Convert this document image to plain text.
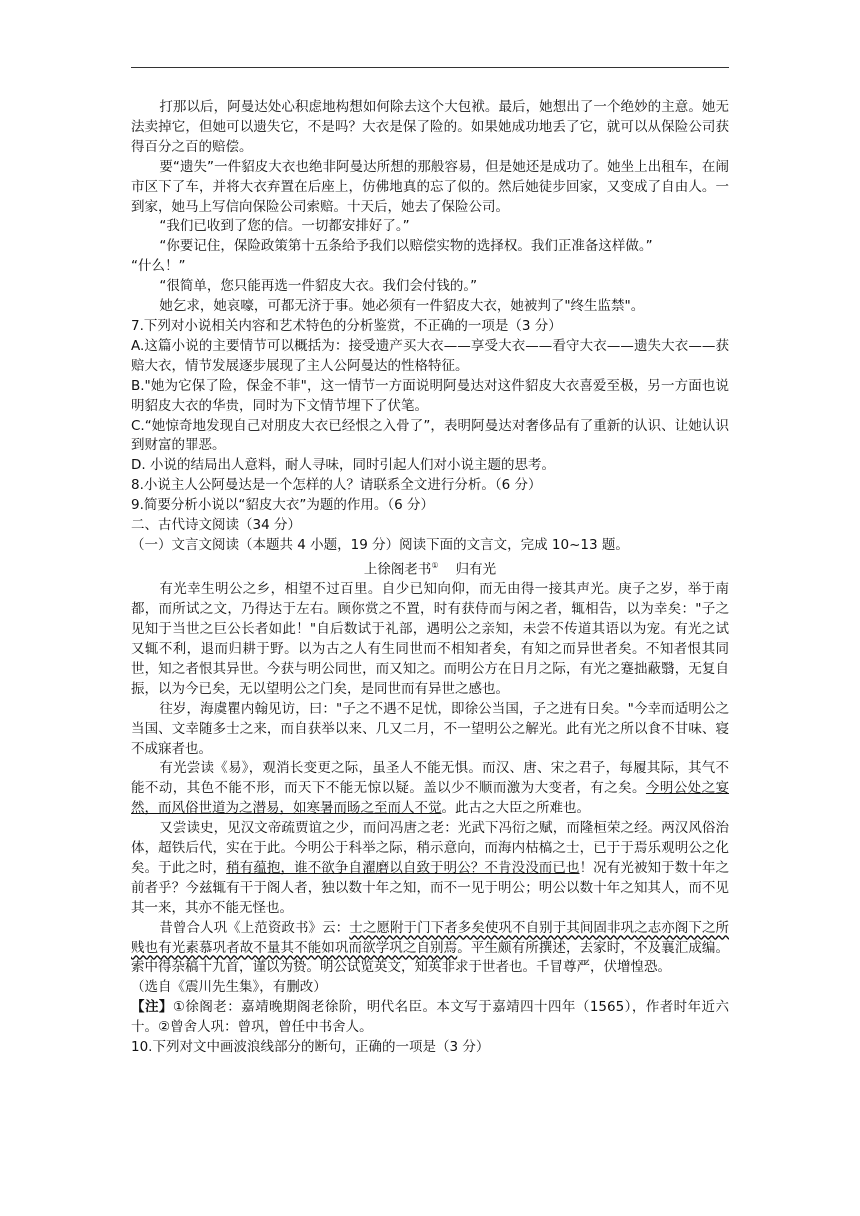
打那以后，阿曼达处心积虑地构想如何除去这个大包袱。最后，她想出了一个绝妙的主意。她无法卖掉它，但她可以遗失它，不是吗？大衣是保了险的。如果她成功地丢了它，就可以从保险公司获得百分之百的赔偿。

要“遗失”一件貂皮大衣也绝非阿曼达所想的那般容易，但是她还是成功了。她坐上出租车，在闹市区下了车，并将大衣弃置在后座上，仿佛地真的忘了似的。然后她徒步回家，又变成了自由人。一到家，她马上写信向保险公司索赔。十天后，她去了保险公司。

“我们已收到了您的信。一切都安排好了。”

“你要记住，保险政策第十五条给予我们以赔偿实物的选择权。我们正准备这样做。”

“什么！”

“很简单，您只能再选一件貂皮大衣。我们会付钱的。”

她乞求，她哀嚎，可都无济于事。她必须有一件貂皮大衣，她被判了"终生监禁"。

7.下列对小说相关内容和艺术特色的分析鉴赏，不正确的一项是（3 分）

A.这篇小说的主要情节可以概括为：接受遗产买大衣——享受大衣——看守大衣——遗失大衣——获赔大衣，情节发展逐步展现了主人公阿曼达的性格特征。

B."她为它保了险，保金不菲"，这一情节一方面说明阿曼达对这件貂皮大衣喜爱至极，另一方面也说明貂皮大衣的华贵，同时为下文情节埋下了伏笔。

C.“她惊奇地发现自己对朋皮大衣已经恨之入骨了”，表明阿曼达对奢侈品有了重新的认识、让她认识到财富的罪恶。

D. 小说的结局出人意料，耐人寻味，同时引起人们对小说主题的思考。

8.小说主人公阿曼达是一个怎样的人？请联系全文进行分析。（6 分）

9.简要分析小说以“貂皮大衣”为题的作用。（6 分）

二、古代诗文阅读（34 分）

（一）文言文阅读（本题共 4 小题，19 分）阅读下面的文言文，完成 10~13 题。

上徐阁老书① 归有光

有光幸生明公之乡，相望不过百里。自少已知向仰，而无由得一接其声光。庚子之岁，举于南都，而所试之文，乃得达于左右。顾你赏之不置，时有获侍而与闲之者，辄相告，以为幸矣："子之见知于当世之巨公长者如此！"自后数试于礼部，遇明公之亲知，未尝不传道其语以为宠。有光之试又辄不利，退而归耕于野。以为古之人有生同世而不相知者矣，有知之而异世者矣。不知者恨其同世，知之者恨其异世。今获与明公同世，而又知之。而明公方在日月之际，有光之蹇拙蔽翳，无复自振，以为今已矣，无以望明公之门矣，是同世而有异世之感也。

往岁，海虞瞿内翰见访，曰："子之不遇不足忧，即徐公当国，子之进有日矣。"今幸而适明公之当国、文幸随多士之来，而自获举以来、几又二月，不一望明公之解光。此有光之所以食不甘味、寝不成寐者也。

有光尝读《易》，观消长变更之际，虽圣人不能无惧。而汉、唐、宋之君子，每履其际，其气不能不动，其色不能不形，而天下不能无惊以疑。盖以少不顺而激为大变者，有之矣。今明公处之宴然，而风俗世道为之潜易，如寒暑而旸之至而人不觉。此古之大臣之所难也。

又尝读史，见汉文帝疏贾谊之少，而问冯唐之老：光武下冯衍之赋，而隆桓荣之经。两汉风俗治体，超铁后代，实在于此。今明公于科举之际，稍示意向，而海内枯槁之士，已于于焉乐观明公之化矣。于此之时，稍有蕴抱，谁不欲争自濯磨以自致于明公？不肯没没而已也！况有光被知于数十年之前者乎？今兹辄有干于阁人者，独以数十年之知，而不一见于明公；明公以数十年之知其人，而不见其一来，其亦不能无怪也。

昔曾合人巩《上范资政书》云：士之愿附于门下者多矣使巩不自别于其间固非巩之志亦阁下之所贱也有光素慕巩者故不量其不能如巩而欲学巩之自别焉。平生颇有所撰述，去家时，不及襄汇成编。索中得杂稿十九首，谨以为贽。明公试览英文，知英非求于世者也。千冒尊严，伏增惶恐。

（选自《震川先生集》，有删改）

【注】①徐阁老：嘉靖晚期阁老徐阶，明代名臣。本文写于嘉靖四十四年（1565），作者时年近六十。②曾舍人巩：曾巩，曾任中书舍人。

10.下列对文中画波浪线部分的断句，正确的一项是（3 分）
